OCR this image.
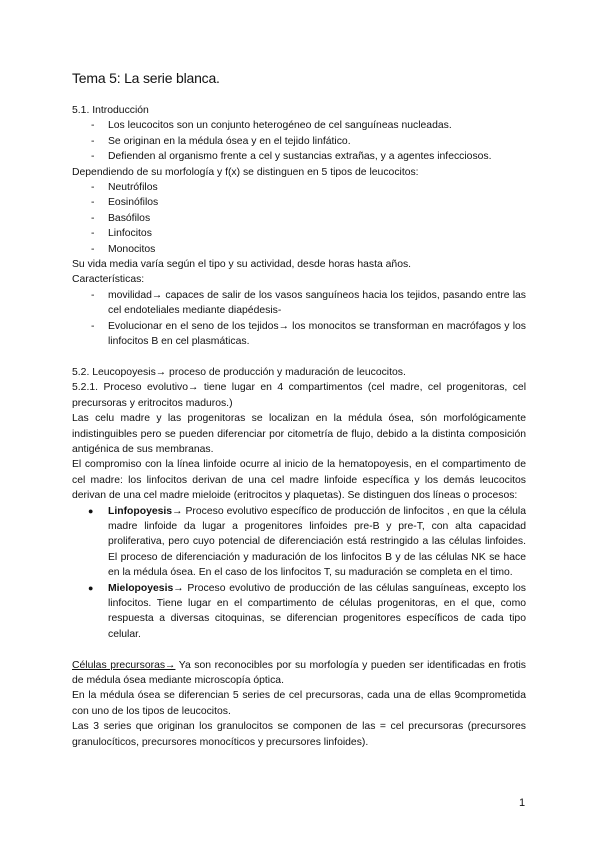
Tema 5: La serie blanca.

5.1. Introducción

- Los leucocitos son un conjunto heterogéneo de cel sanguíneas nucleadas.
- Se originan en la médula ósea y en el tejido linfático.
- Defienden al organismo frente a cel y sustancias extrañas, y a agentes infecciosos.

Dependiendo de su morfología y f(x) se distinguen en 5 tipos de leucocitos:

- Neutrófilos
- Eosinófilos
- Basófilos
- Linfocitos
- Monocitos

Su vida media varía según el tipo y su actividad, desde horas hasta años.

Características:

- movilidad→ capaces de salir de los vasos sanguíneos hacia los tejidos, pasando entre las cel endoteliales mediante diapédesis-
- Evolucionar en el seno de los tejidos→ los monocitos se transforman en macrófagos y los linfocitos B en cel plasmáticas.

5.2. Leucopoyesis→ proceso de producción y maduración de leucocitos.

5.2.1. Proceso evolutivo→ tiene lugar en 4 compartimentos (cel madre, cel progenitoras, cel precursoras y eritrocitos maduros.)

Las celu madre y las progenitoras se localizan en la médula ósea, són morfológicamente indistinguibles pero se pueden diferenciar por citometría de flujo, debido a la distinta composición antigénica de sus membranas.

El compromiso con la línea linfoide ocurre al inicio de la hematopoyesis, en el compartimento de cel madre: los linfocitos derivan de una cel madre linfoide específica y los demás leucocitos derivan de una cel madre mieloide (eritrocitos y plaquetas). Se distinguen dos líneas o procesos:

● Linfopoyesis→ Proceso evolutivo específico de producción de linfocitos , en que la célula madre linfoide da lugar a progenitores linfoides pre-B y pre-T, con alta capacidad proliferativa, pero cuyo potencial de diferenciación está restringido a las células linfoides. El proceso de diferenciación y maduración de los linfocitos B y de las células NK se hace en la médula ósea. En el caso de los linfocitos T, su maduración se completa en el timo.
● Mielopoyesis→ Proceso evolutivo de producción de las células sanguíneas, excepto los linfocitos. Tiene lugar en el compartimento de células progenitoras, en el que, como respuesta a diversas citoquinas, se diferencian progenitores específicos de cada tipo celular.

Células precursoras→ Ya son reconocibles por su morfología y pueden ser identificadas en frotis de médula ósea mediante microscopía óptica.

En la médula ósea se diferencian 5 series de cel precursoras, cada una de ellas 9comprometida con uno de los tipos de leucocitos.

Las 3 series que originan los granulocitos se componen de las = cel precursoras (precursores granulocíticos, precursores monocíticos y precursores linfoides).

1
